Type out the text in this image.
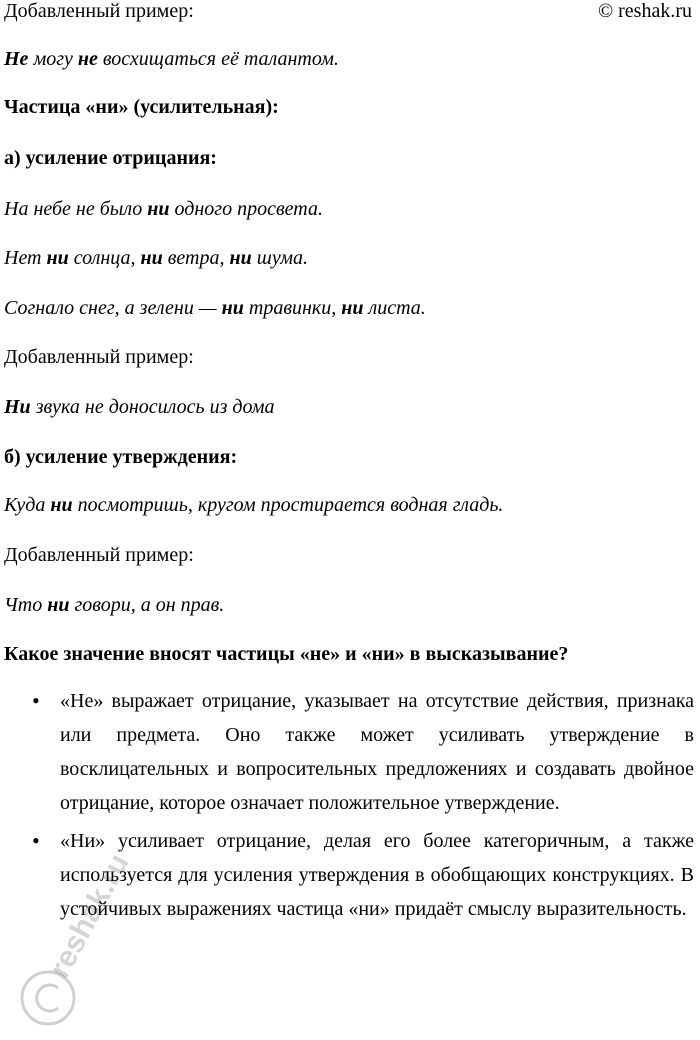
Добавленный пример:	© reshak.ru
Не могу не восхищаться её талантом.
Частица «ни» (усилительная):
а) усиление отрицания:
На небе не было ни одного просвета.
Нет ни солнца, ни ветра, ни шума.
Согнало снег, а зелени — ни травинки, ни листа.
Добавленный пример:
Ни звука не доносилось из дома
б) усиление утверждения:
Куда ни посмотришь, кругом простирается водная гладь.
Добавленный пример:
Что ни говори, а он прав.
Какое значение вносят частицы «не» и «ни» в высказывание?
• «Не» выражает отрицание, указывает на отсутствие действия, признака или предмета. Оно также может усиливать утверждение в восклицательных и вопросительных предложениях и создавать двойное отрицание, которое означает положительное утверждение.
• «Ни» усиливает отрицание, делая его более категоричным, а также используется для усиления утверждения в обобщающих конструкциях. В устойчивых выражениях частица «ни» придаёт смыслу выразительность.
reshak.ru
